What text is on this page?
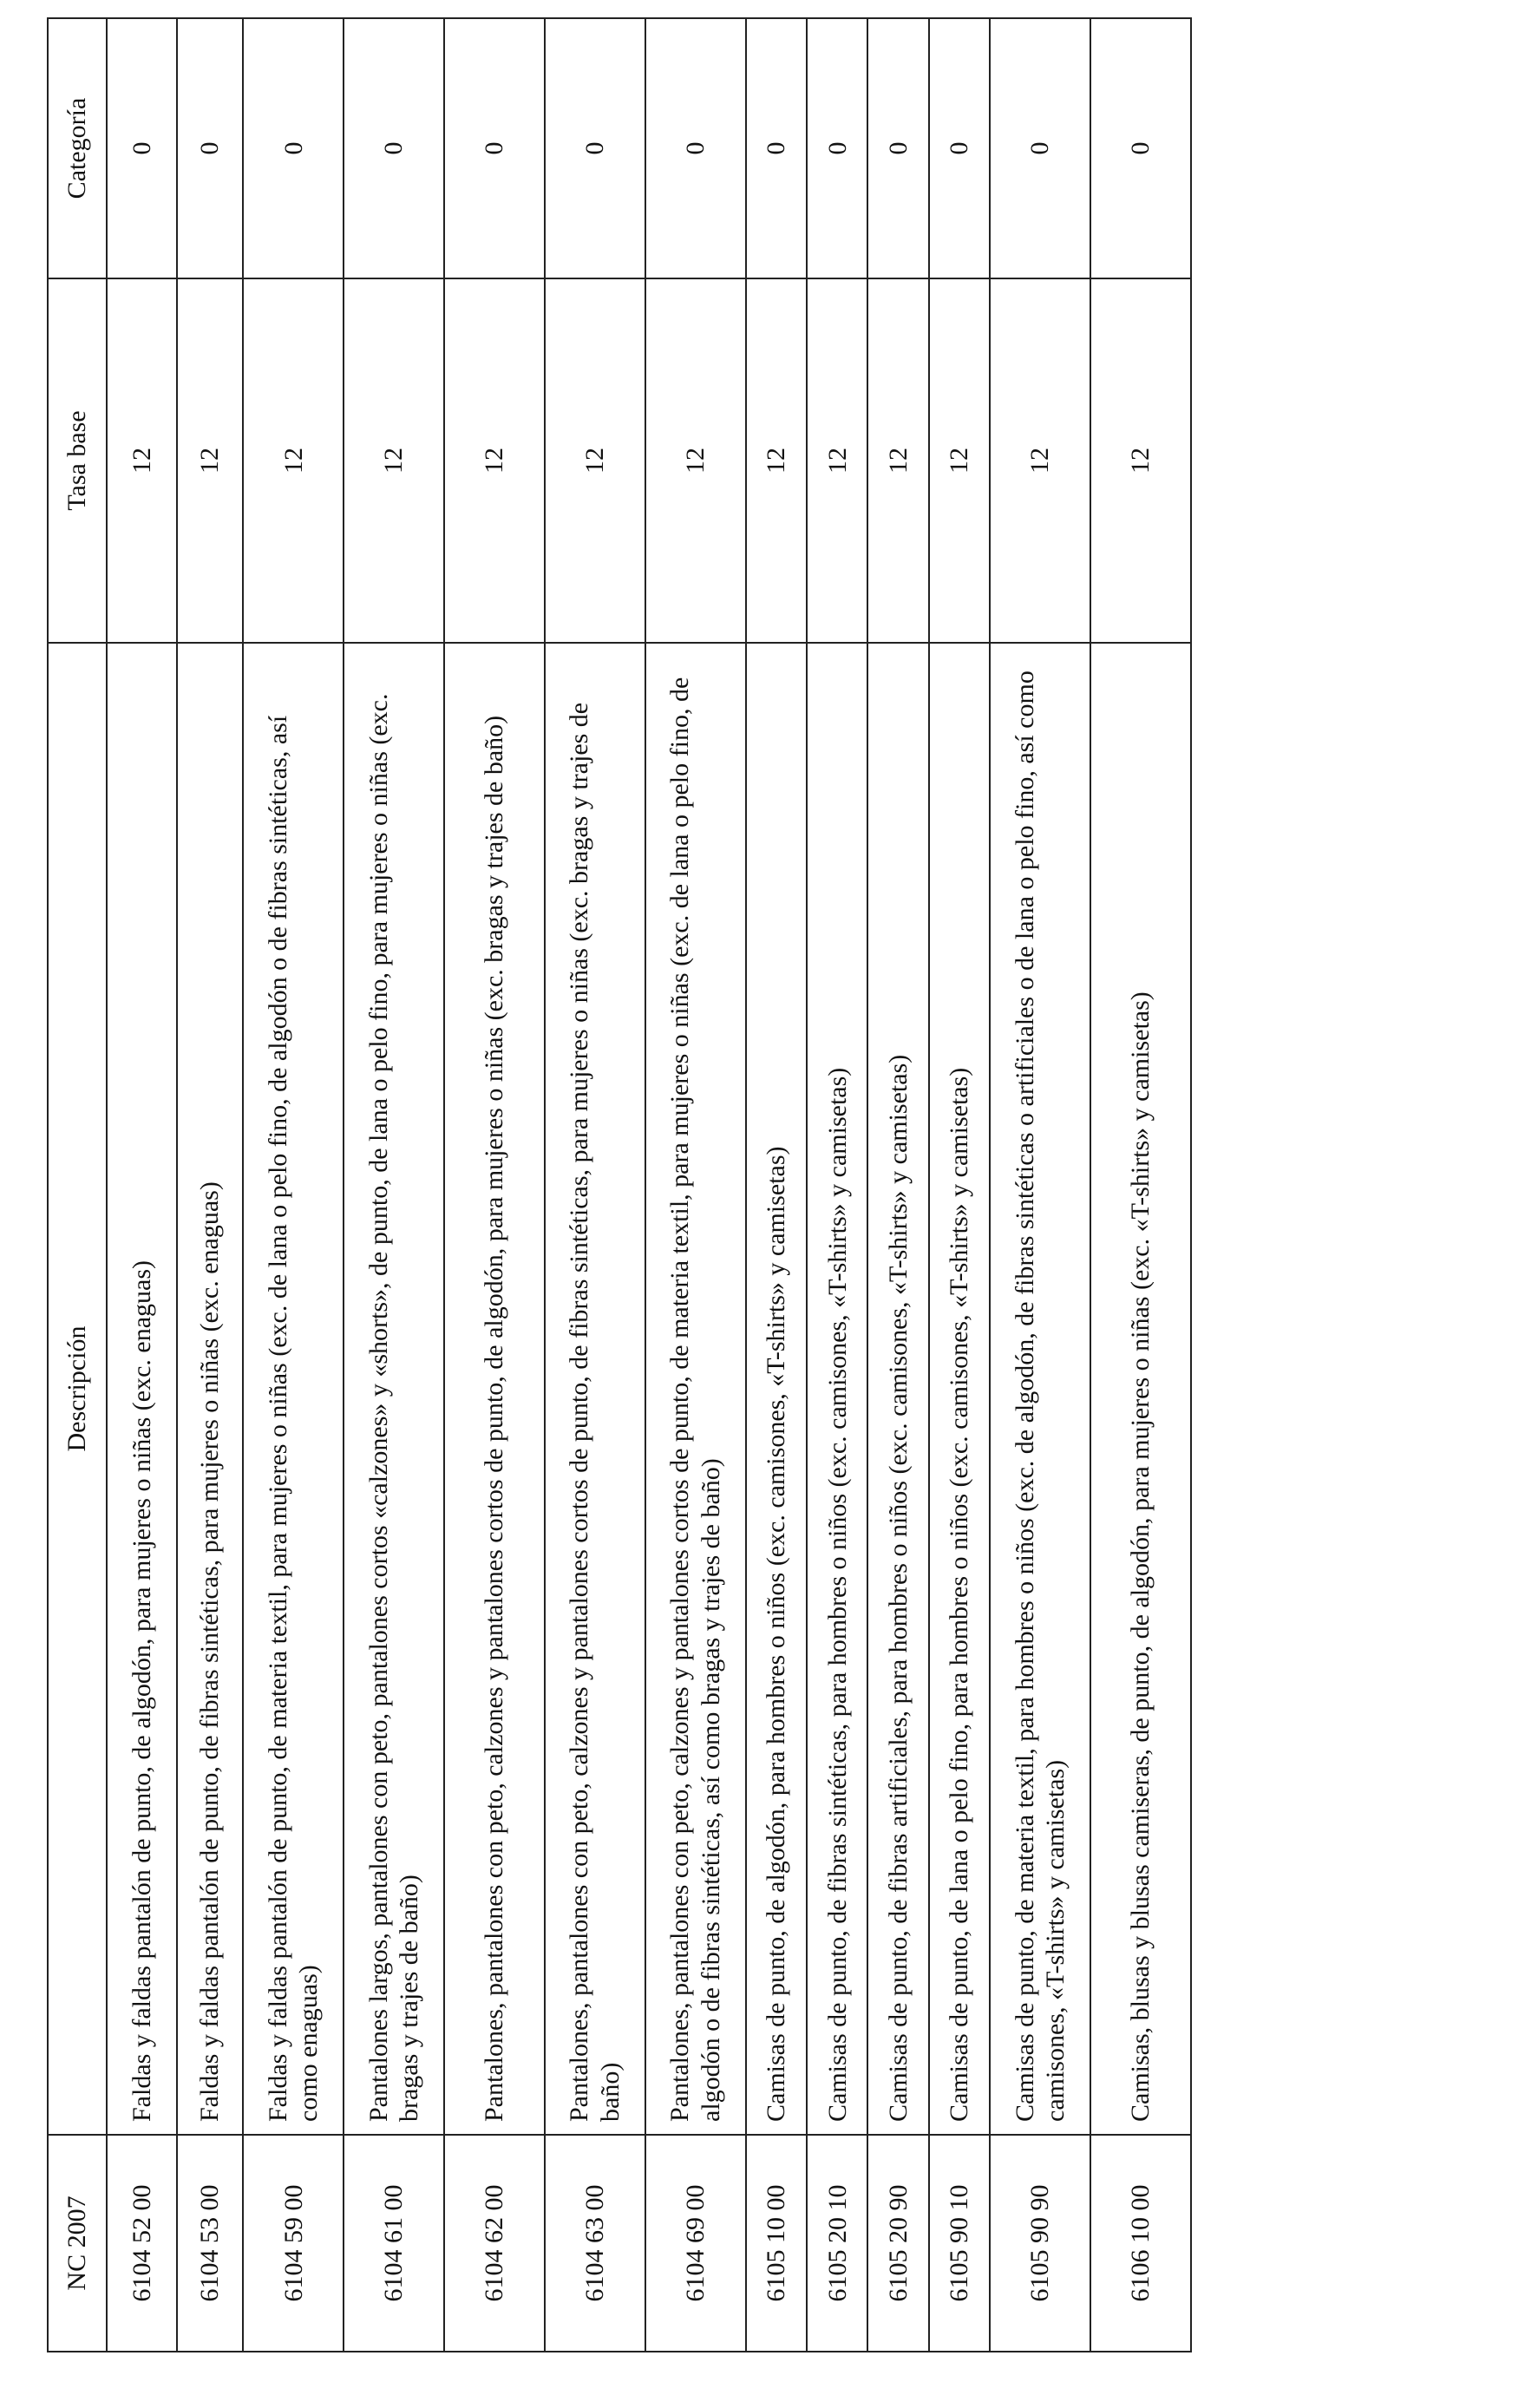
NC 2007	Descripción	Tasa base	Categoría
6104 52 00	Faldas y faldas pantalón de punto, de algodón, para mujeres o niñas (exc. enaguas)	12	0
6104 53 00	Faldas y faldas pantalón de punto, de fibras sintéticas, para mujeres o niñas (exc. enaguas)	12	0
6104 59 00	Faldas y faldas pantalón de punto, de materia textil, para mujeres o niñas (exc. de lana o pelo fino, de algodón o de fibras sintéticas, así como enaguas)	12	0
6104 61 00	Pantalones largos, pantalones con peto, pantalones cortos «calzones» y «shorts», de punto, de lana o pelo fino, para mujeres o niñas (exc. bragas y trajes de baño)	12	0
6104 62 00	Pantalones, pantalones con peto, calzones y pantalones cortos de punto, de algodón, para mujeres o niñas (exc. bragas y trajes de baño)	12	0
6104 63 00	Pantalones, pantalones con peto, calzones y pantalones cortos de punto, de fibras sintéticas, para mujeres o niñas (exc. bragas y trajes de baño)	12	0
6104 69 00	Pantalones, pantalones con peto, calzones y pantalones cortos de punto, de materia textil, para mujeres o niñas (exc. de lana o pelo fino, de algodón o de fibras sintéticas, así como bragas y trajes de baño)	12	0
6105 10 00	Camisas de punto, de algodón, para hombres o niños (exc. camisones, «T-shirts» y camisetas)	12	0
6105 20 10	Camisas de punto, de fibras sintéticas, para hombres o niños (exc. camisones, «T-shirts» y camisetas)	12	0
6105 20 90	Camisas de punto, de fibras artificiales, para hombres o niños (exc. camisones, «T-shirts» y camisetas)	12	0
6105 90 10	Camisas de punto, de lana o pelo fino, para hombres o niños (exc. camisones, «T-shirts» y camisetas)	12	0
6105 90 90	Camisas de punto, de materia textil, para hombres o niños (exc. de algodón, de fibras sintéticas o artificiales o de lana o pelo fino, así como camisones, «T-shirts» y camisetas)	12	0
6106 10 00	Camisas, blusas y blusas camiseras, de punto, de algodón, para mujeres o niñas (exc. «T-shirts» y camisetas)	12	0
